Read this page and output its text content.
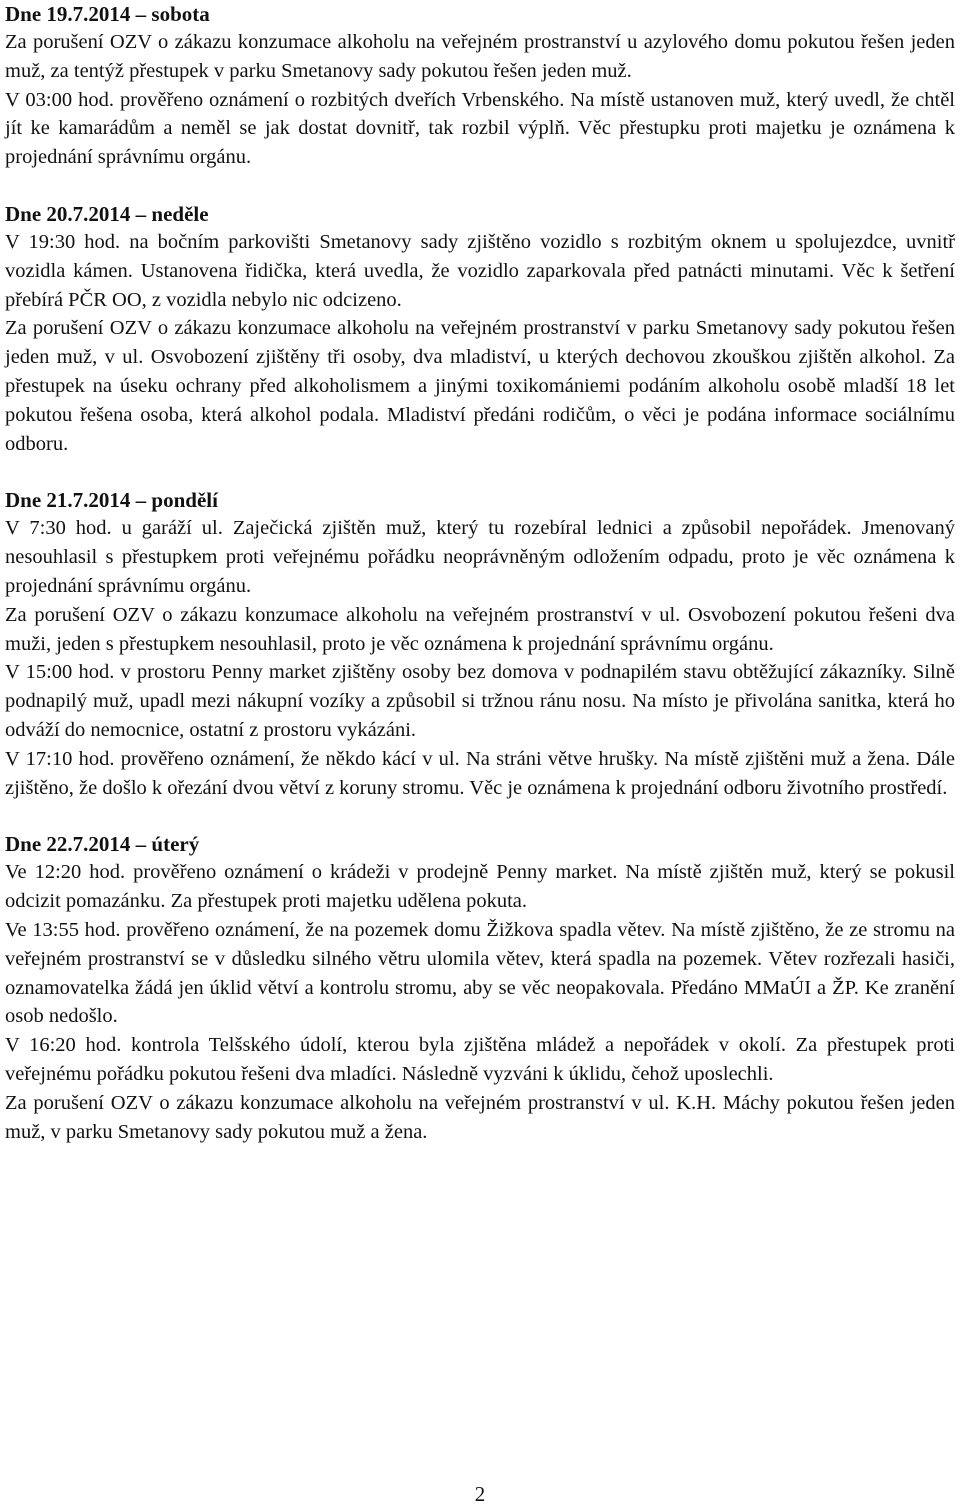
Dne 19.7.2014 – sobota

Za porušení OZV o zákazu konzumace alkoholu na veřejném prostranství u azylového domu pokutou řešen jeden muž, za tentýž přestupek v parku Smetanovy sady pokutou řešen jeden muž.

V 03:00 hod. prověřeno oznámení o rozbitých dveřích Vrbenského. Na místě ustanoven muž, který uvedl, že chtěl jít ke kamarádům a neměl se jak dostat dovnitř, tak rozbil výplň. Věc přestupku proti majetku je oznámena k projednání správnímu orgánu.

Dne 20.7.2014 – neděle

V 19:30 hod. na bočním parkovišti Smetanovy sady zjištěno vozidlo s rozbitým oknem u spolujezdce, uvnitř vozidla kámen. Ustanovena řidička, která uvedla, že vozidlo zaparkovala před patnácti minutami. Věc k šetření přebírá PČR OO, z vozidla nebylo nic odcizeno.

Za porušení OZV o zákazu konzumace alkoholu na veřejném prostranství v parku Smetanovy sady pokutou řešen jeden muž, v ul. Osvobození zjištěny tři osoby, dva mladiství, u kterých dechovou zkouškou zjištěn alkohol. Za přestupek na úseku ochrany před alkoholismem a jinými toxikomániemi podáním alkoholu osobě mladší 18 let pokutou řešena osoba, která alkohol podala. Mladiství předáni rodičům, o věci je podána informace sociálnímu odboru.

Dne 21.7.2014 – pondělí

V 7:30 hod. u garáží ul. Zaječická zjištěn muž, který tu rozebíral lednici a způsobil nepořádek. Jmenovaný nesouhlasil s přestupkem proti veřejnému pořádku neoprávněným odložením odpadu, proto je věc oznámena k projednání správnímu orgánu.

Za porušení OZV o zákazu konzumace alkoholu na veřejném prostranství v ul. Osvobození pokutou řešeni dva muži, jeden s přestupkem nesouhlasil, proto je věc oznámena k projednání správnímu orgánu.

V 15:00 hod. v prostoru Penny market zjištěny osoby bez domova v podnapilém stavu obtěžující zákazníky. Silně podnapilý muž, upadl mezi nákupní vozíky a způsobil si tržnou ránu nosu. Na místo je přivolána sanitka, která ho odváží do nemocnice, ostatní z prostoru vykázáni.

V 17:10 hod. prověřeno oznámení, že někdo kácí v ul. Na stráni větve hrušky. Na místě zjištěni muž a žena. Dále zjištěno, že došlo k ořezání dvou větví z koruny stromu. Věc je oznámena k projednání odboru životního prostředí.

Dne 22.7.2014 – úterý

Ve 12:20 hod. prověřeno oznámení o krádeži v prodejně Penny market. Na místě zjištěn muž, který se pokusil odcizit pomazánku. Za přestupek proti majetku udělena pokuta.

Ve 13:55 hod. prověřeno oznámení, že na pozemek domu Žižkova spadla větev. Na místě zjištěno, že ze stromu na veřejném prostranství se v důsledku silného větru ulomila větev, která spadla na pozemek. Větev rozřezali hasiči, oznamovatelka žádá jen úklid větví a kontrolu stromu, aby se věc neopakovala. Předáno MMaÚI a ŽP. Ke zranění osob nedošlo.

V 16:20 hod. kontrola Telšského údolí, kterou byla zjištěna mládež a nepořádek v okolí. Za přestupek proti veřejnému pořádku pokutou řešeni dva mladíci. Následně vyzváni k úklidu, čehož uposlechli.

Za porušení OZV o zákazu konzumace alkoholu na veřejném prostranství v ul. K.H. Máchy pokutou řešen jeden muž, v parku Smetanovy sady pokutou muž a žena.

2
